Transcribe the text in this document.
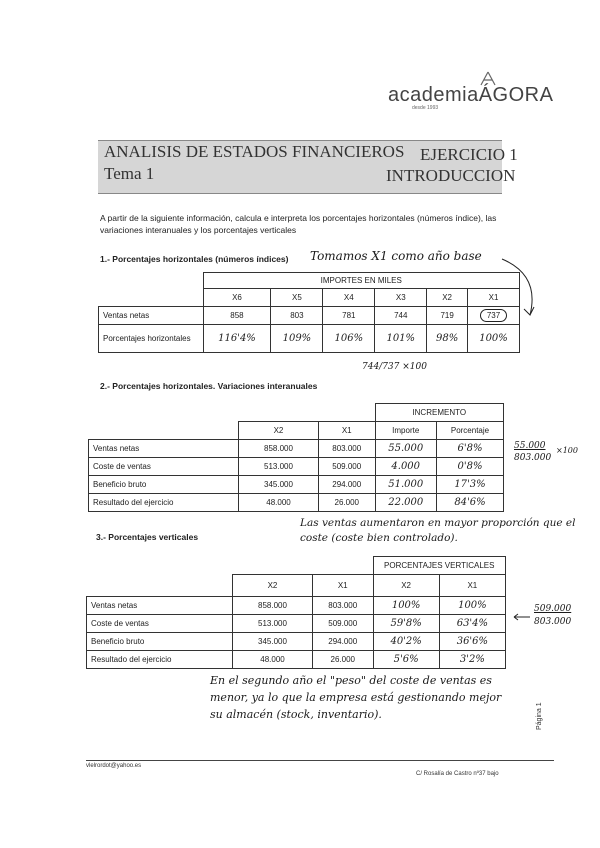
academiaÁGORA
desde 1993
ANALISIS DE ESTADOS FINANCIEROS
Tema 1
EJERCICIO 1
INTRODUCCION
A partir de la siguiente información, calcula e interpreta los porcentajes horizontales (números índice), las variaciones interanuales y los porcentajes verticales
1.- Porcentajes horizontales (números índices) Tomamos X1 como año base
	IMPORTES EN MILES					
	X6	X5	X4	X3	X2	X1
Ventas netas	858	803	781	744	719	737
Porcentajes horizontales	116'4%	109%	106%	101%	98%	100%
744/737 ×100
2.- Porcentajes horizontales. Variaciones interanuales
			INCREMENTO	
	X2	X1	Importe	Porcentaje
Ventas netas	858.000	803.000	55.000	6'8%
Coste de ventas	513.000	509.000	4.000	0'8%
Beneficio bruto	345.000	294.000	51.000	17'3%
Resultado del ejercicio	48.000	26.000	22.000	84'6%
55.000 ×100
803.000
Las ventas aumentaron en mayor proporción que el coste (coste bien controlado).
3.- Porcentajes verticales
			PORCENTAJES VERTICALES	
	X2	X1	X2	X1
Ventas netas	858.000	803.000	100%	100%
Coste de ventas	513.000	509.000	59'8%	63'4%
Beneficio bruto	345.000	294.000	40'2%	36'6%
Resultado del ejercicio	48.000	26.000	5'6%	3'2%
509.000
803.000
En el segundo año el "peso" del coste de ventas es menor, ya lo que la empresa está gestionando mejor su almacén (stock, inventario).
vlelrordot@yahoo.es
C/ Rosalía de Castro nº37 bajo
Página 1
